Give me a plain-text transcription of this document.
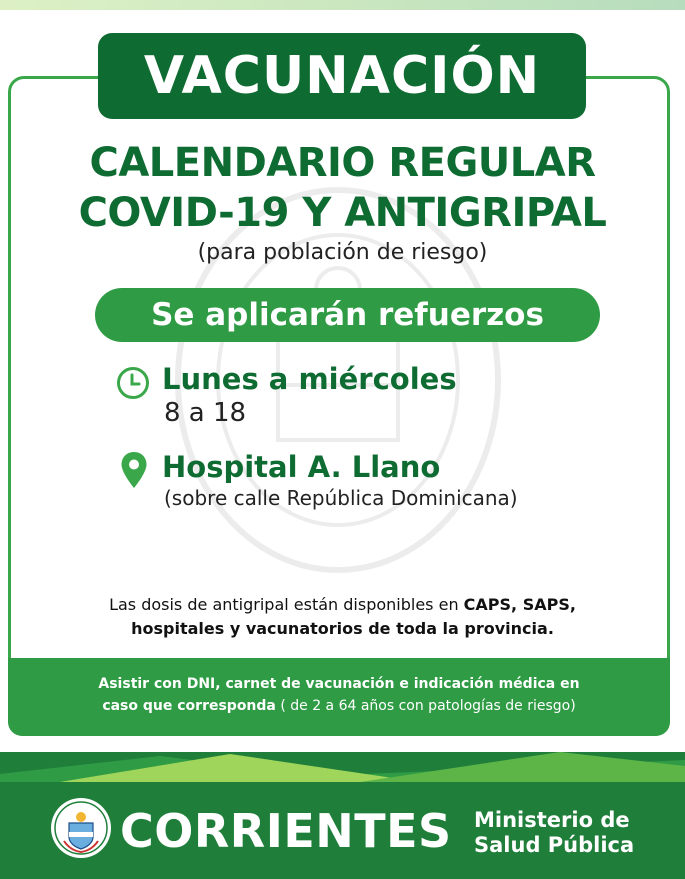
VACUNACIÓN
CALENDARIO REGULAR
COVID-19 Y ANTIGRIPAL
(para población de riesgo)
Se aplicarán refuerzos
Lunes a miércoles
8 a 18
Hospital A. Llano
(sobre calle República Dominicana)
Las dosis de antigripal están disponibles en CAPS, SAPS,
hospitales y vacunatorios de toda la provincia.
Asistir con DNI, carnet de vacunación e indicación médica en
caso que corresponda ( de 2 a 64 años con patologías de riesgo)
CORRIENTES Ministerio de
Salud Pública
